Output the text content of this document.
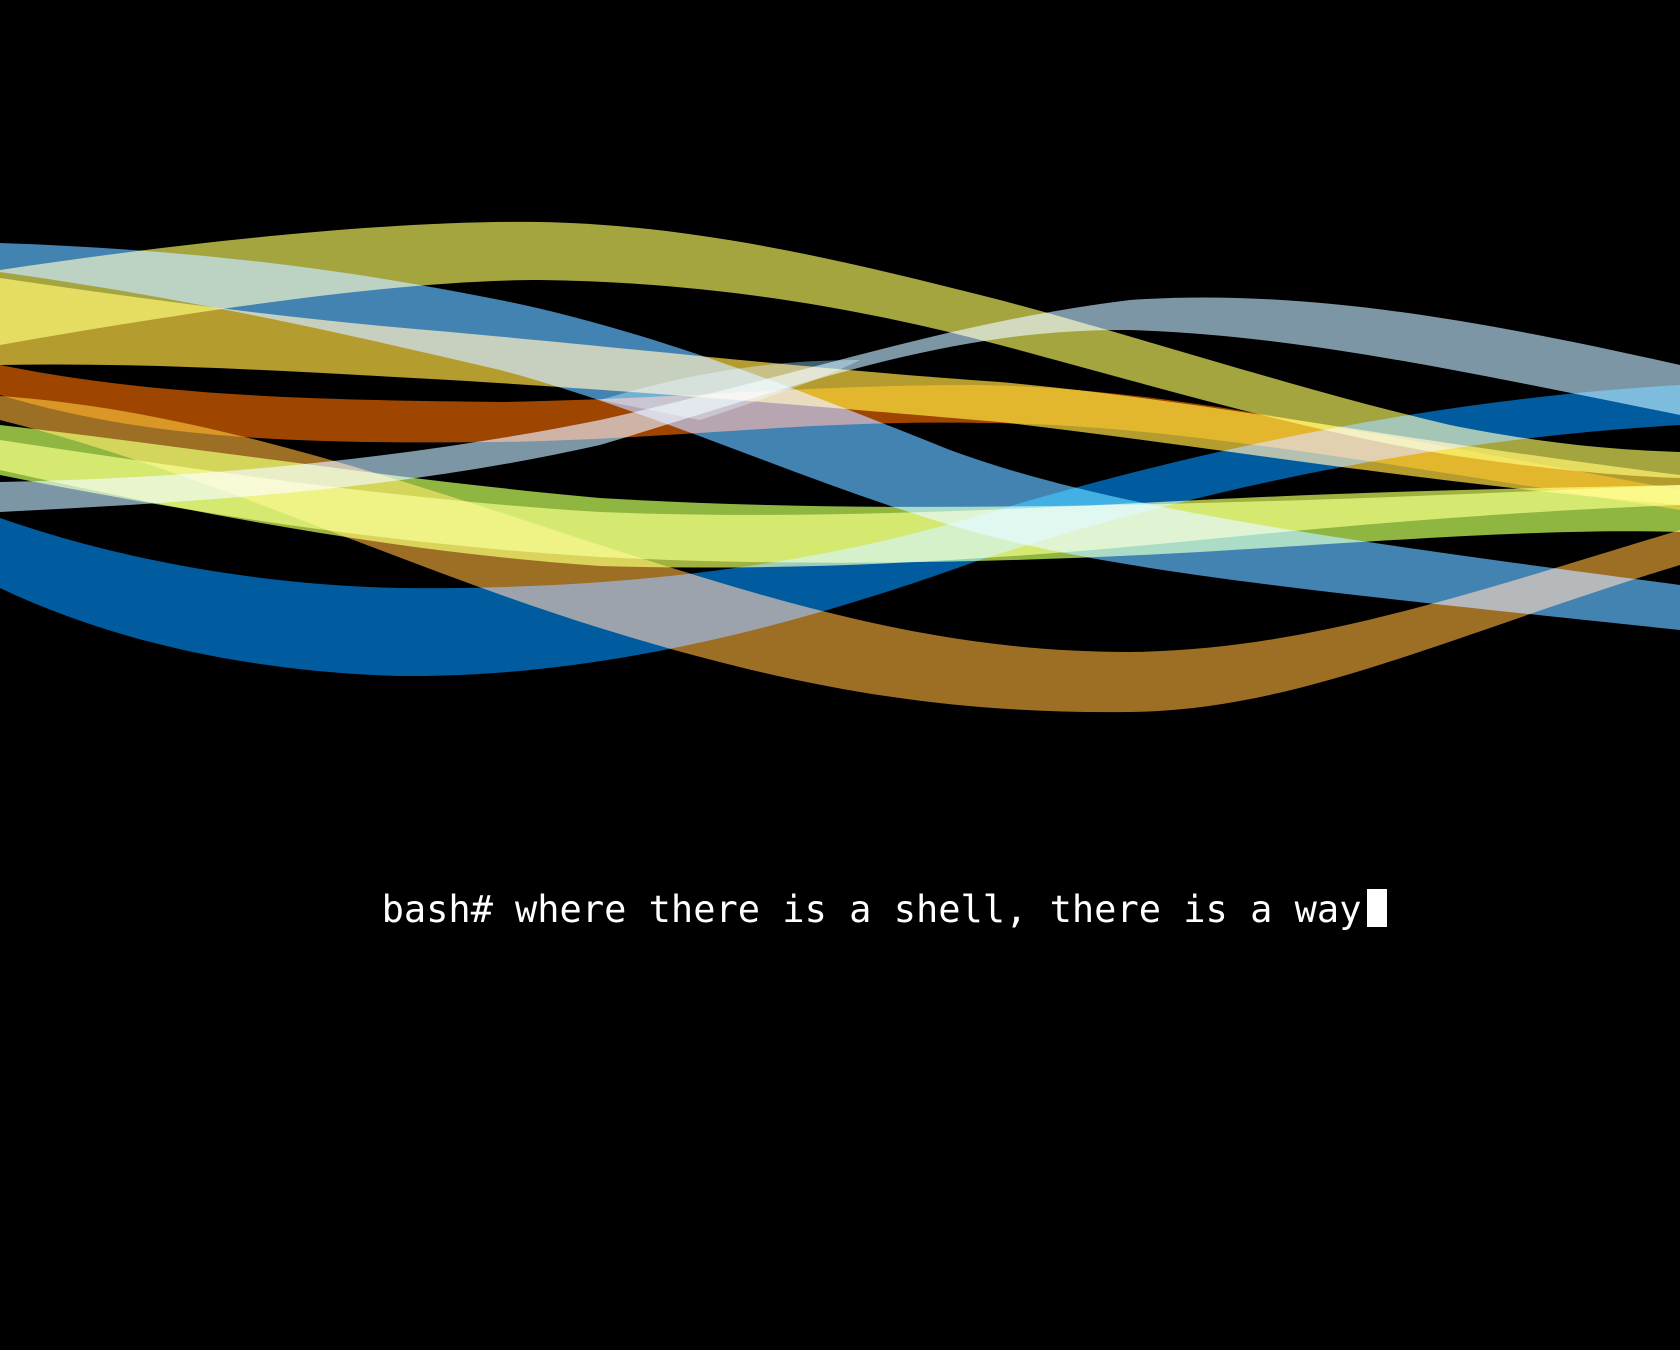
bash# where there is a shell, there is a way
